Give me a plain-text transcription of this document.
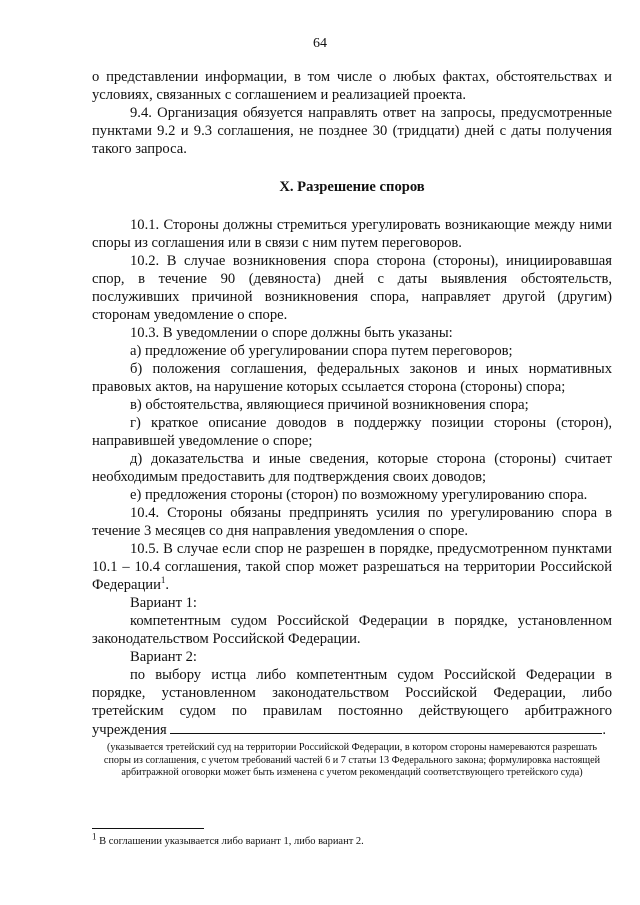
64

о представлении информации, в том числе о любых фактах, обстоятельствах и условиях, связанных с соглашением и реализацией проекта.

9.4. Организация обязуется направлять ответ на запросы, предусмотренные пунктами 9.2 и 9.3 соглашения, не позднее 30 (тридцати) дней с даты получения такого запроса.

X. Разрешение споров

10.1. Стороны должны стремиться урегулировать возникающие между ними споры из соглашения или в связи с ним путем переговоров.

10.2. В случае возникновения спора сторона (стороны), инициировавшая спор, в течение 90 (девяноста) дней с даты выявления обстоятельств, послуживших причиной возникновения спора, направляет другой (другим) сторонам уведомление о споре.

10.3. В уведомлении о споре должны быть указаны:

а) предложение об урегулировании спора путем переговоров;

б) положения соглашения, федеральных законов и иных нормативных правовых актов, на нарушение которых ссылается сторона (стороны) спора;

в) обстоятельства, являющиеся причиной возникновения спора;

г) краткое описание доводов в поддержку позиции стороны (сторон), направившей уведомление о споре;

д) доказательства и иные сведения, которые сторона (стороны) считает необходимым предоставить для подтверждения своих доводов;

е) предложения стороны (сторон) по возможному урегулированию спора.

10.4. Стороны обязаны предпринять усилия по урегулированию спора в течение 3 месяцев со дня направления уведомления о споре.

10.5. В случае если спор не разрешен в порядке, предусмотренном пунктами 10.1 – 10.4 соглашения, такой спор может разрешаться на территории Российской Федерации$^1$.

Вариант 1:

компетентным судом Российской Федерации в порядке, установленном законодательством Российской Федерации.

Вариант 2:

по выбору истца либо компетентным судом Российской Федерации в порядке, установленном законодательством Российской Федерации, либо третейским судом по правилам постоянно действующего арбитражного учреждения	.

(указывается третейский суд на территории Российской Федерации, в котором стороны намереваются разрешать споры из соглашения, с учетом требований частей 6 и 7 статьи 13 Федерального закона; формулировка настоящей арбитражной оговорки может быть изменена с учетом рекомендаций соответствующего третейского суда)

$^1$ В соглашении указывается либо вариант 1, либо вариант 2.
